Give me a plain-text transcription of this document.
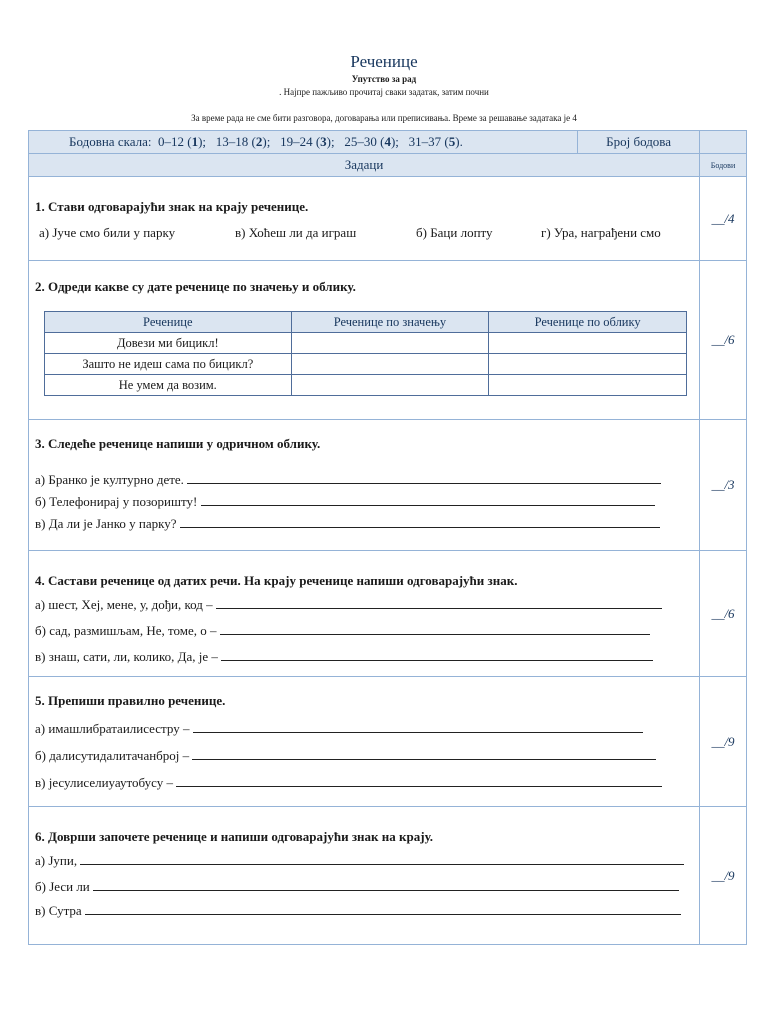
Реченице
Упутство за рад
. Најпре пажљиво прочитај сваки задатак, затим почни
За време рада не сме бити разговора, договарања или преписивања. Време за решавање задатака је 4
Бодовна скала: 0–12 (1); 13–18 (2); 19–24 (3); 25–30 (4); 31–37 (5).	Број бодова	
Задаци	Бодови

1. Стави одговарајући знак на крају реченице.
а) Јуче смо били у парку	в) Хоћеш ли да играш	б) Баци лопту	г) Ура, награђени смо
	__/4

2. Одреди какве су дате реченице по значењу и облику.
Реченице	Реченице по значењу	Реченице по облику
Довези ми бицикл!		
Зашто не идеш сама по бицикл?		
Не умем да возим.		
	__/6

3. Следеће реченице напиши у одричном облику.
а) Бранко је културно дете.
б) Телефонирај у позоришту!
в) Да ли је Јанко у парку?
	__/3

4. Састави реченице од датих речи. На крају реченице напиши одговарајући знак.
а) шест, Хеј, мене, у, дођи, код –
б) сад, размишљам, Не, томе, о –
в) знаш, сати, ли, колико, Да, је –
	__/6

5. Препиши правилно реченице.
а) имашлибратаилисестру –
б) далисутидалитачанброј –
в) јесулиселиуаутобусу –
	__/9

6. Доврши започете реченице и напиши одговарајући знак на крају.
а) Јупи,
б) Јеси ли
в) Сутра
	__/9
